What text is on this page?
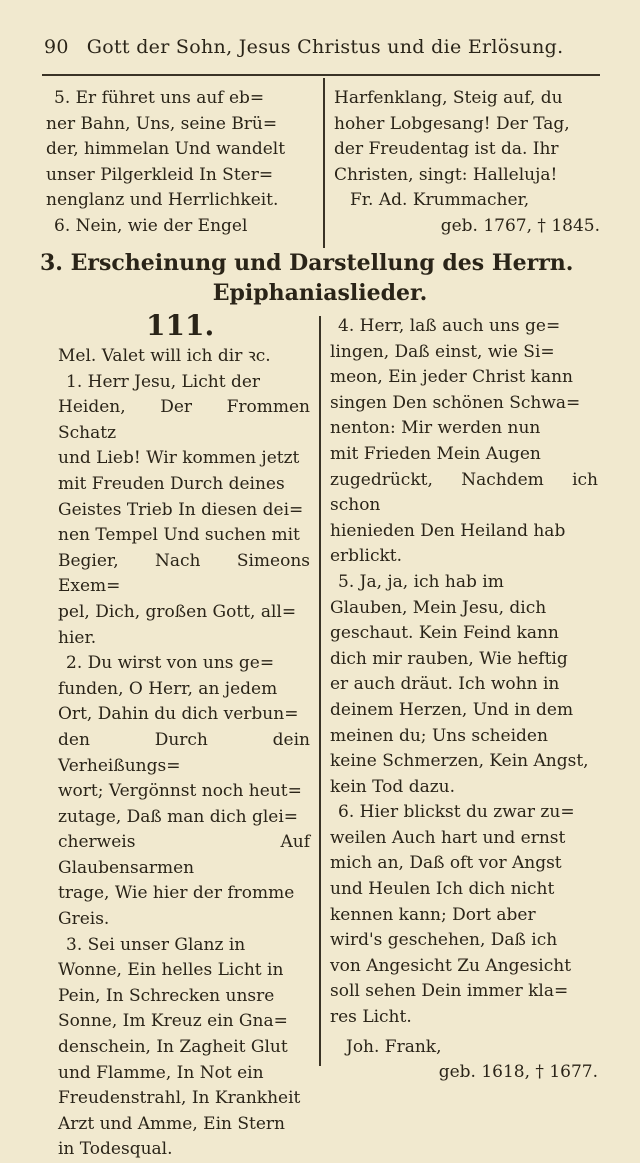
90 Gott der Sohn, Jesus Christus und die Erlösung.

5. Er führet uns auf eb=

ner Bahn, Uns, seine Brü=

der, himmelan Und wandelt

unser Pilgerkleid In Ster=

nenglanz und Herrlichkeit.

6. Nein, wie der Engel

Harfenklang, Steig auf, du

hoher Lobgesang! Der Tag,

der Freudentag ist da. Ihr

Christen, singt: Halleluja!

Fr. Ad. Krummacher,

geb. 1767, † 1845.

3. Erscheinung und Darstellung des Herrn.
Epiphaniaslieder.
111.

Mel. Valet will ich dir ꝛc.

1. Herr Jesu, Licht der

Heiden, Der Frommen Schatz

und Lieb! Wir kommen jetzt

mit Freuden Durch deines

Geistes Trieb In diesen dei=

nen Tempel Und suchen mit

Begier, Nach Simeons Exem=

pel, Dich, großen Gott, all=

hier.

2. Du wirst von uns ge=

funden, O Herr, an jedem

Ort, Dahin du dich verbun=

den Durch dein Verheißungs=

wort; Vergönnst noch heut=

zutage, Daß man dich glei=

cherweis Auf Glaubensarmen

trage, Wie hier der fromme

Greis.

3. Sei unser Glanz in

Wonne, Ein helles Licht in

Pein, In Schrecken unsre

Sonne, Im Kreuz ein Gna=

denschein, In Zagheit Glut

und Flamme, In Not ein

Freudenstrahl, In Krankheit

Arzt und Amme, Ein Stern

in Todesqual.

4. Herr, laß auch uns ge=

lingen, Daß einst, wie Si=

meon, Ein jeder Christ kann

singen Den schönen Schwa=

nenton: Mir werden nun

mit Frieden Mein Augen

zugedrückt, Nachdem ich schon

hienieden Den Heiland hab

erblickt.

5. Ja, ja, ich hab im

Glauben, Mein Jesu, dich

geschaut. Kein Feind kann

dich mir rauben, Wie heftig

er auch dräut. Ich wohn in

deinem Herzen, Und in dem

meinen du; Uns scheiden

keine Schmerzen, Kein Angst,

kein Tod dazu.

6. Hier blickst du zwar zu=

weilen Auch hart und ernst

mich an, Daß oft vor Angst

und Heulen Ich dich nicht

kennen kann; Dort aber

wird's geschehen, Daß ich

von Angesicht Zu Angesicht

soll sehen Dein immer kla=

res Licht.

Joh. Frank,

geb. 1618, † 1677.
